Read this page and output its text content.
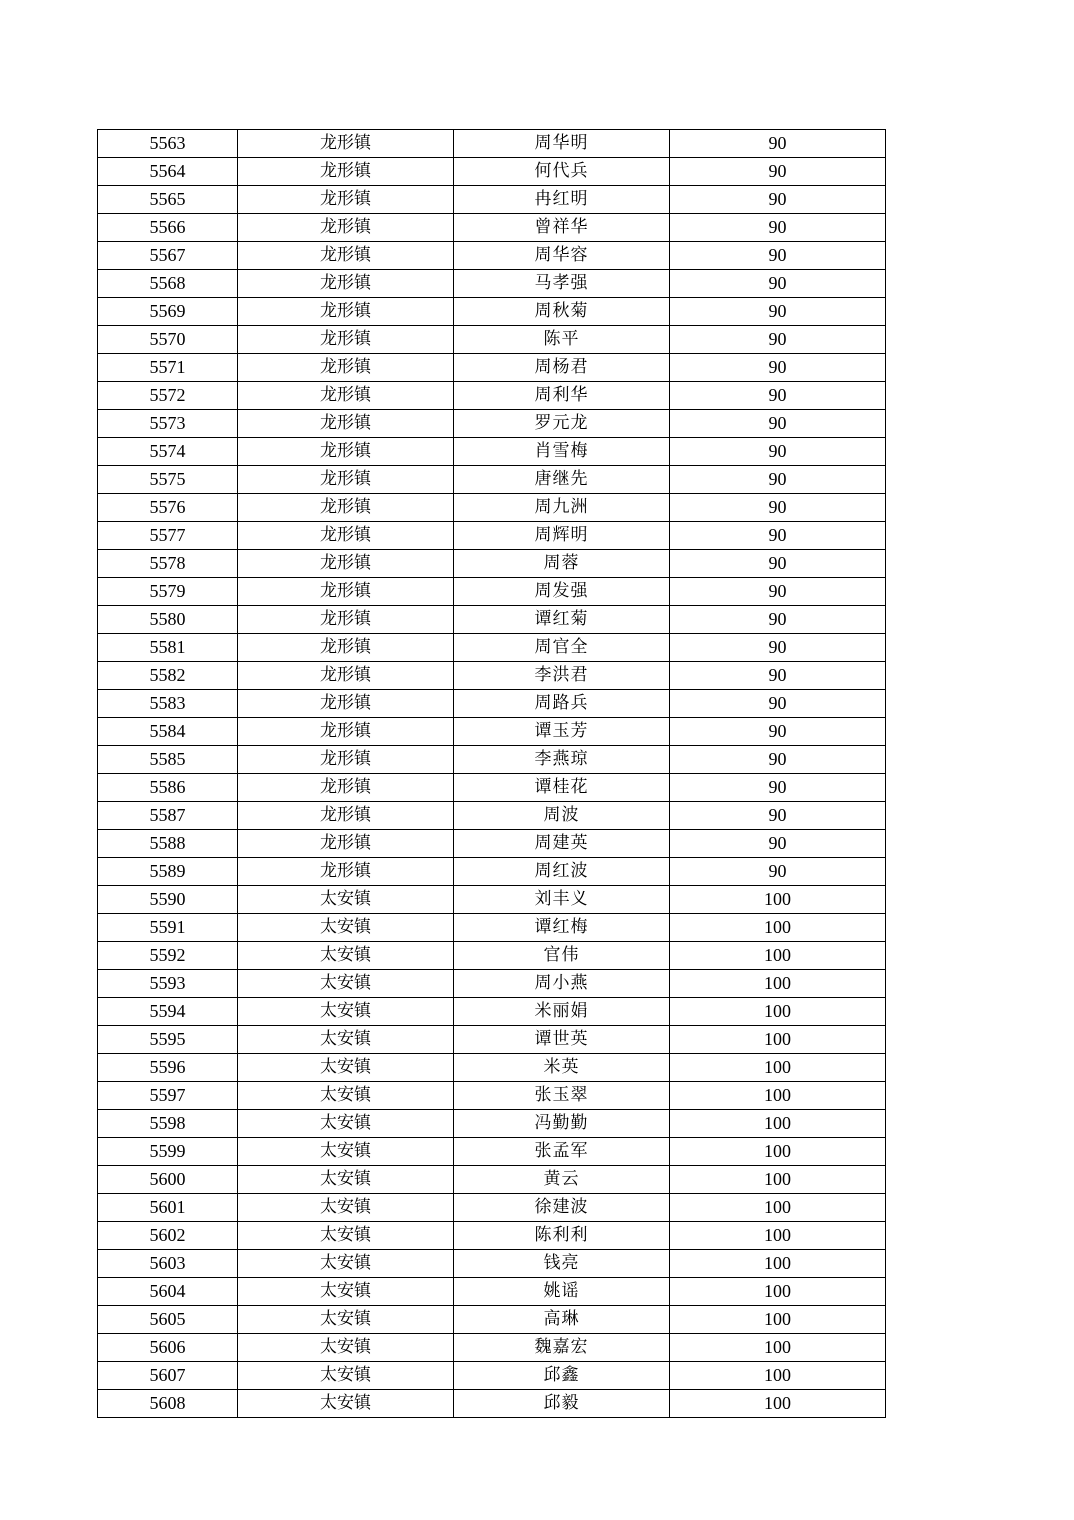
5563	龙形镇	周华明	90
5564	龙形镇	何代兵	90
5565	龙形镇	冉红明	90
5566	龙形镇	曾祥华	90
5567	龙形镇	周华容	90
5568	龙形镇	马孝强	90
5569	龙形镇	周秋菊	90
5570	龙形镇	陈平	90
5571	龙形镇	周杨君	90
5572	龙形镇	周利华	90
5573	龙形镇	罗元龙	90
5574	龙形镇	肖雪梅	90
5575	龙形镇	唐继先	90
5576	龙形镇	周九洲	90
5577	龙形镇	周辉明	90
5578	龙形镇	周蓉	90
5579	龙形镇	周发强	90
5580	龙形镇	谭红菊	90
5581	龙形镇	周官全	90
5582	龙形镇	李洪君	90
5583	龙形镇	周路兵	90
5584	龙形镇	谭玉芳	90
5585	龙形镇	李燕琼	90
5586	龙形镇	谭桂花	90
5587	龙形镇	周波	90
5588	龙形镇	周建英	90
5589	龙形镇	周红波	90
5590	太安镇	刘丰义	100
5591	太安镇	谭红梅	100
5592	太安镇	官伟	100
5593	太安镇	周小燕	100
5594	太安镇	米丽娟	100
5595	太安镇	谭世英	100
5596	太安镇	米英	100
5597	太安镇	张玉翠	100
5598	太安镇	冯勤勤	100
5599	太安镇	张孟军	100
5600	太安镇	黄云	100
5601	太安镇	徐建波	100
5602	太安镇	陈利利	100
5603	太安镇	钱亮	100
5604	太安镇	姚谣	100
5605	太安镇	高琳	100
5606	太安镇	魏嘉宏	100
5607	太安镇	邱鑫	100
5608	太安镇	邱毅	100
